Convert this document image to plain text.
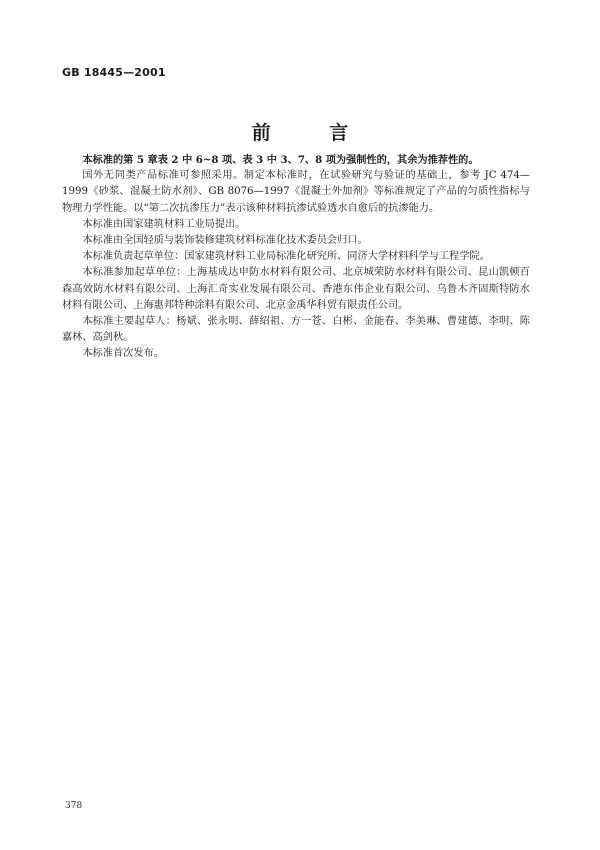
GB 18445—2001
前 言

本标准的第 5 章表 2 中 6~8 项、表 3 中 3、7、8 项为强制性的，其余为推荐性的。

国外无同类产品标准可参照采用。制定本标准时，在试验研究与验证的基础上，参考 JC 474—1999《砂浆、混凝土防水剂》、GB 8076—1997《混凝土外加剂》等标准规定了产品的匀质性指标与物理力学性能。以“第二次抗渗压力”表示该种材料抗渗试验透水自愈后的抗渗能力。

本标准由国家建筑材料工业局提出。

本标准由全国轻质与装饰装修建筑材料标准化技术委员会归口。

本标准负责起草单位：国家建筑材料工业局标准化研究所、同济大学材料科学与工程学院。

本标准参加起草单位：上海基成达申防水材料有限公司、北京城荣防水材料有限公司、昆山凯顿百森高效防水材料有限公司、上海汇奇实业发展有限公司、香港东伟企业有限公司、乌鲁木齐固斯特防水材料有限公司、上海惠邦特种涂料有限公司、北京金禹华科贸有限责任公司。

本标准主要起草人：杨斌、张永明、薛绍祖、方一苍、白彬、金能春、李美琳、曹建德、李明、陈嘉林、高剑秋。

本标准首次发布。

378
